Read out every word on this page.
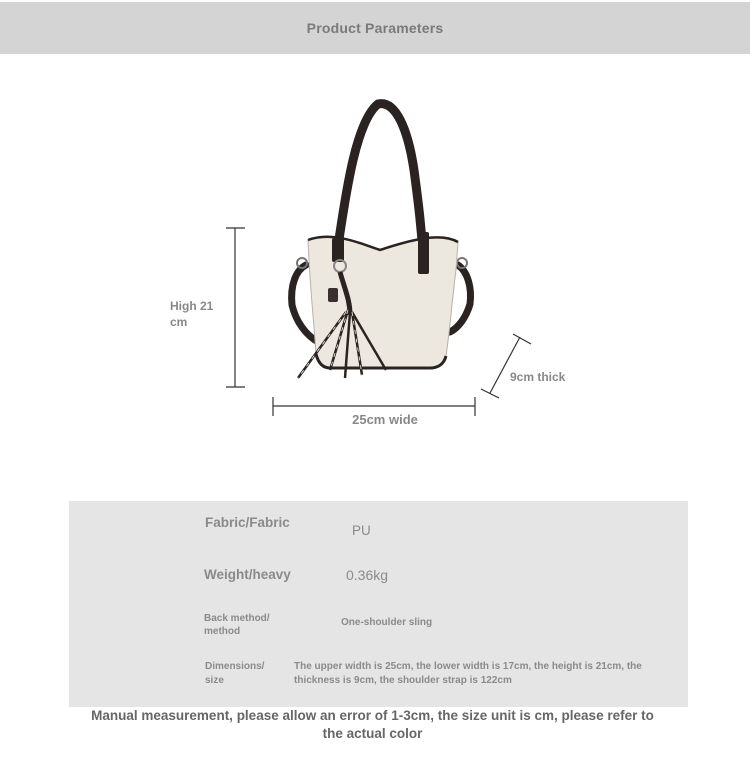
Product Parameters
High 21 cm
25cm wide
9cm thick
Fabric/Fabric
PU
Weight/heavy	0.36kg
Back method/ method
One-shoulder sling
Dimensions/ size
The upper width is 25cm, the lower width is 17cm, the height is 21cm, the thickness is 9cm, the shoulder strap is 122cm
Manual measurement, please allow an error of 1-3cm, the size unit is cm, please refer to the actual color
